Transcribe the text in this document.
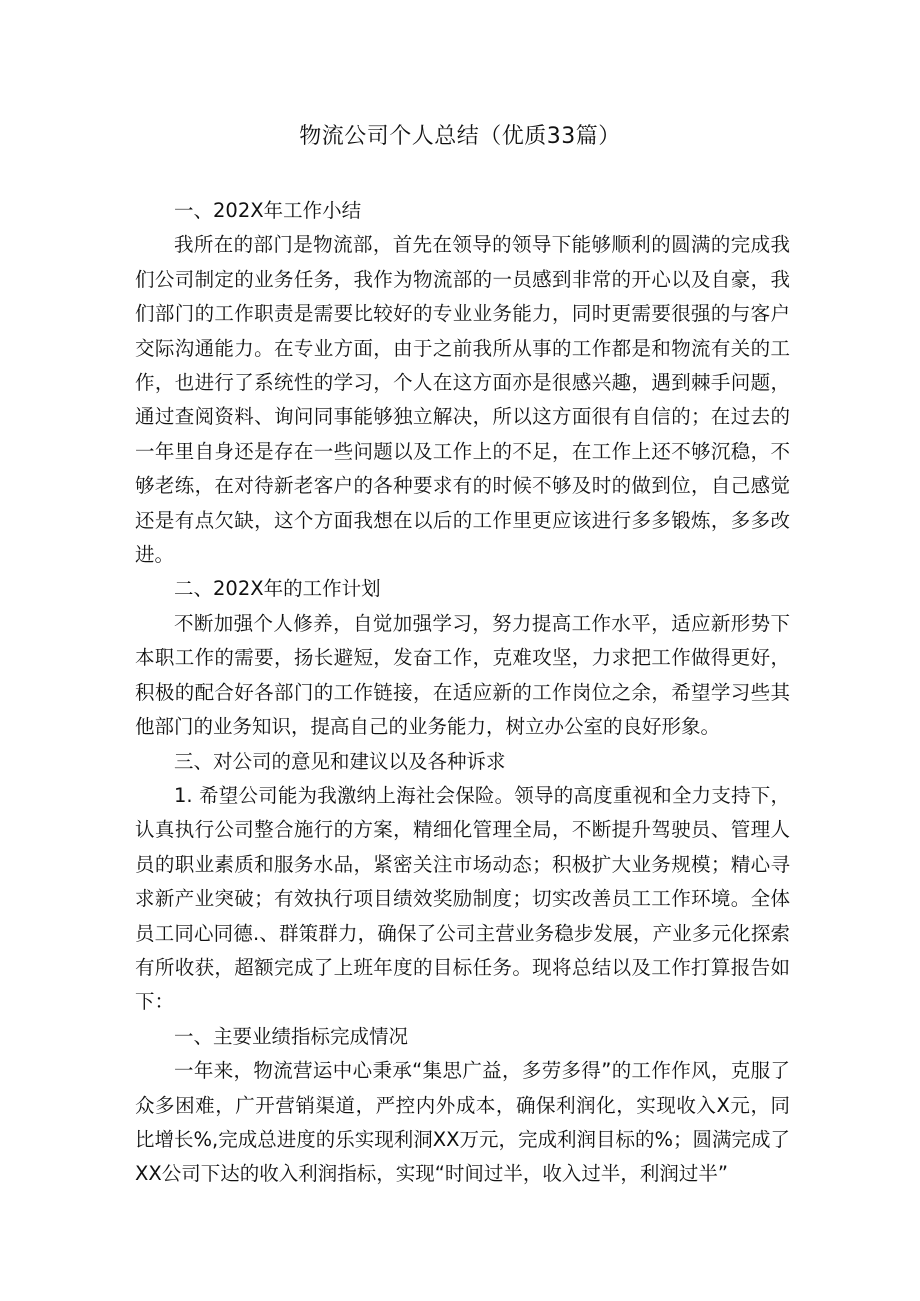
物流公司个人总结（优质33篇）

一、202X年工作小结

我所在的部门是物流部，首先在领导的领导下能够顺利的圆满的完成我们公司制定的业务任务，我作为物流部的一员感到非常的开心以及自豪，我们部门的工作职责是需要比较好的专业业务能力，同时更需要很强的与客户交际沟通能力。在专业方面，由于之前我所从事的工作都是和物流有关的工作，也进行了系统性的学习，个人在这方面亦是很感兴趣，遇到棘手问题，通过查阅资料、询问同事能够独立解决，所以这方面很有自信的；在过去的一年里自身还是存在一些问题以及工作上的不足，在工作上还不够沉稳，不够老练，在对待新老客户的各种要求有的时候不够及时的做到位，自己感觉还是有点欠缺，这个方面我想在以后的工作里更应该进行多多锻炼，多多改进。

二、202X年的工作计划

不断加强个人修养，自觉加强学习，努力提高工作水平，适应新形势下本职工作的需要，扬长避短，发奋工作，克难攻坚，力求把工作做得更好，积极的配合好各部门的工作链接，在适应新的工作岗位之余，希望学习些其他部门的业务知识，提高自己的业务能力，树立办公室的良好形象。

三、对公司的意见和建议以及各种诉求

1. 希望公司能为我激纳上海社会保险。领导的高度重视和全力支持下，认真执行公司整合施行的方案，精细化管理全局，不断提升驾驶员、管理人员的职业素质和服务水品，紧密关注市场动态；积极扩大业务规模；精心寻求新产业突破；有效执行项目绩效奖励制度；切实改善员工工作环境。全体员工同心同德.、群策群力，确保了公司主营业务稳步发展，产业多元化探索有所收获，超额完成了上班年度的目标任务。现将总结以及工作打算报告如下：

一、主要业绩指标完成情况

一年来，物流营运中心秉承“集思广益，多劳多得”的工作作风，克服了众多困难，广开营销渠道，严控内外成本，确保利润化，实现收入X元，同比增长%,完成总进度的乐实现利洞XX万元，完成利润目标的%；圆满完成了XX公司下达的收入利润指标，实现“时间过半，收入过半，利润过半”
